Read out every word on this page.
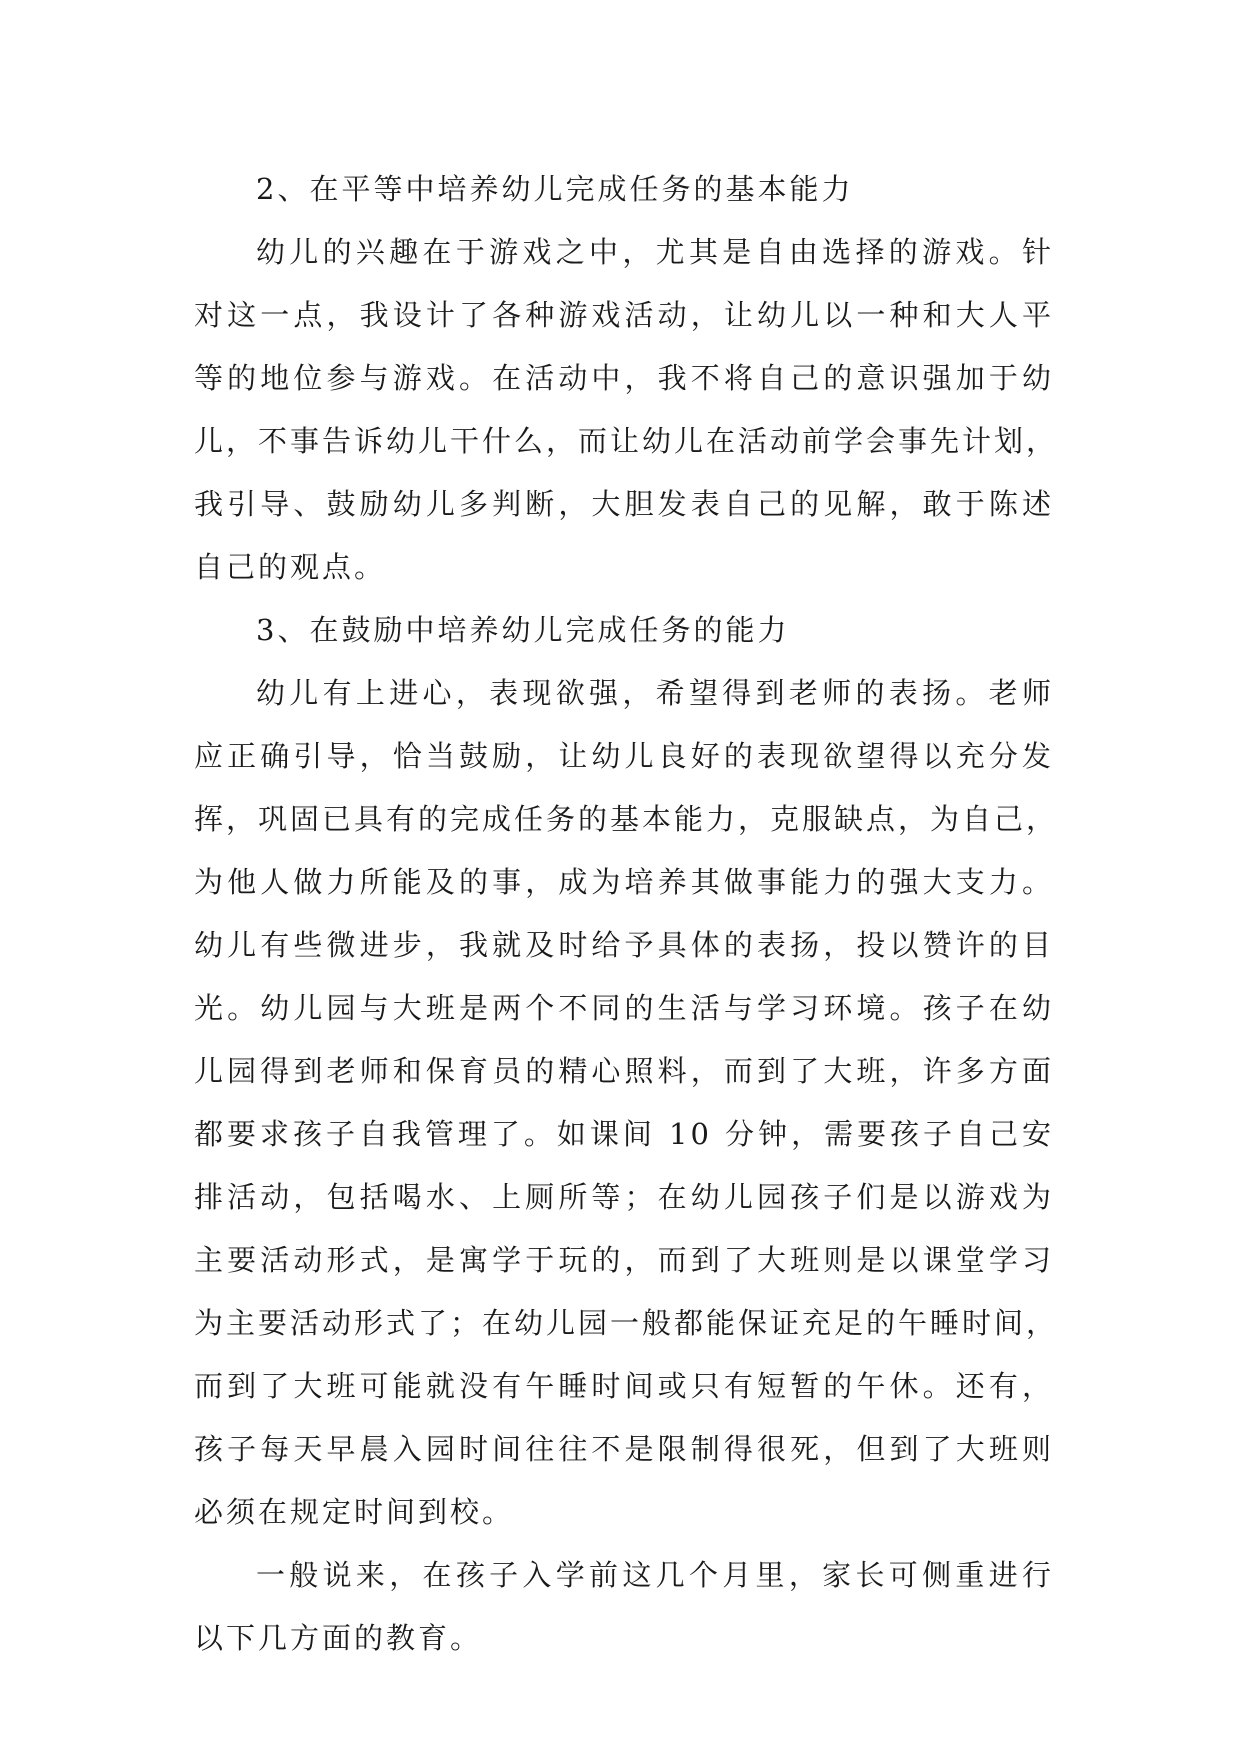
2、在平等中培养幼儿完成任务的基本能力
幼儿的兴趣在于游戏之中，尤其是自由选择的游戏。针
对这一点，我设计了各种游戏活动，让幼儿以一种和大人平
等的地位参与游戏。在活动中，我不将自己的意识强加于幼
儿，不事告诉幼儿干什么，而让幼儿在活动前学会事先计划，
我引导、鼓励幼儿多判断，大胆发表自己的见解，敢于陈述
自己的观点。
3、在鼓励中培养幼儿完成任务的能力
幼儿有上进心，表现欲强，希望得到老师的表扬。老师
应正确引导，恰当鼓励，让幼儿良好的表现欲望得以充分发
挥，巩固已具有的完成任务的基本能力，克服缺点，为自己，
为他人做力所能及的事，成为培养其做事能力的强大支力。
幼儿有些微进步，我就及时给予具体的表扬，投以赞许的目
光。幼儿园与大班是两个不同的生活与学习环境。孩子在幼
儿园得到老师和保育员的精心照料，而到了大班，许多方面
都要求孩子自我管理了。如课间 10 分钟，需要孩子自己安
排活动，包括喝水、上厕所等；在幼儿园孩子们是以游戏为
主要活动形式，是寓学于玩的，而到了大班则是以课堂学习
为主要活动形式了；在幼儿园一般都能保证充足的午睡时间，
而到了大班可能就没有午睡时间或只有短暂的午休。还有，
孩子每天早晨入园时间往往不是限制得很死，但到了大班则
必须在规定时间到校。
一般说来，在孩子入学前这几个月里，家长可侧重进行
以下几方面的教育。
